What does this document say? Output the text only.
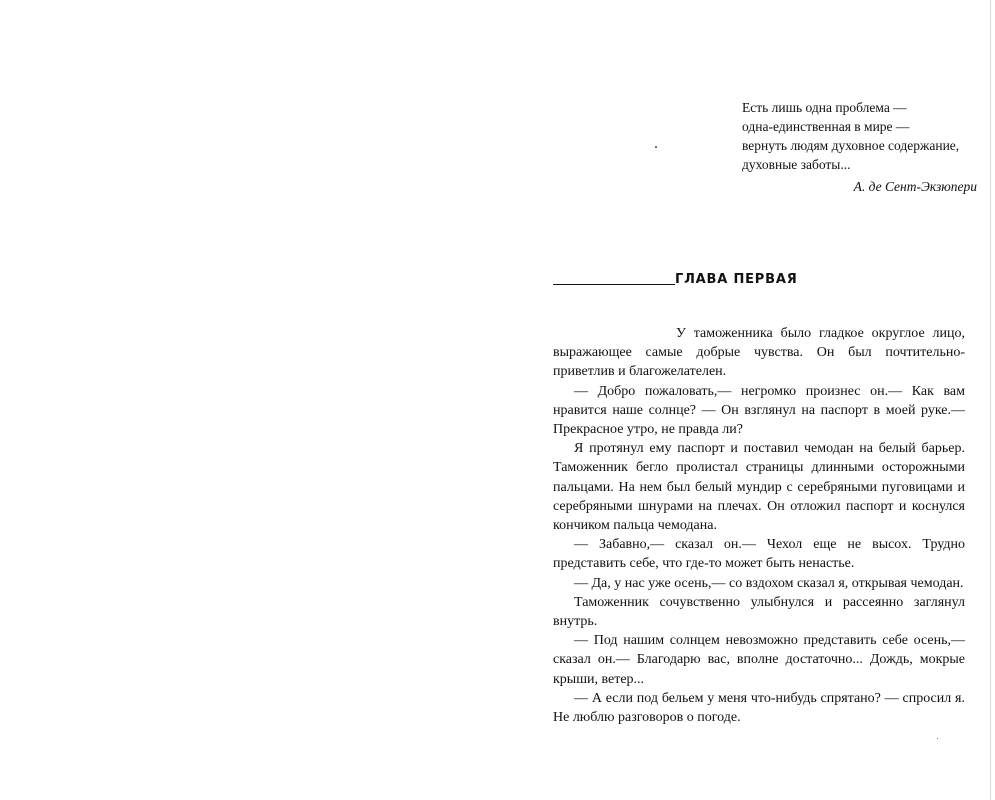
Есть лишь одна проблема —
одна-единственная в мире —
вернуть людям духовное содержание,
духовные заботы...
А. де Сент-Экзюпери
ГЛАВА ПЕРВАЯ

У таможенника было гладкое округлое лицо, выражающее самые добрые чувства. Он был почтительно-приветлив и благожелателен.

— Добро пожаловать,— негромко произнес он.— Как вам нравится наше солнце? — Он взглянул на паспорт в моей руке.— Прекрасное утро, не правда ли?

Я протянул ему паспорт и поставил чемодан на белый барьер. Таможенник бегло пролистал страницы длинными осторожными пальцами. На нем был белый мундир с серебряными пуговицами и серебряными шнурами на плечах. Он отложил паспорт и коснулся кончиком пальца чемодана.

— Забавно,— сказал он.— Чехол еще не высох. Трудно представить себе, что где-то может быть ненастье.

— Да, у нас уже осень,— со вздохом сказал я, открывая чемодан.

Таможенник сочувственно улыбнулся и рассеянно заглянул внутрь.

— Под нашим солнцем невозможно представить себе осень,— сказал он.— Благодарю вас, вполне достаточно... Дождь, мокрые крыши, ветер...

— А если под бельем у меня что-нибудь спрятано? — спросил я. Не люблю разговоров о погоде.
